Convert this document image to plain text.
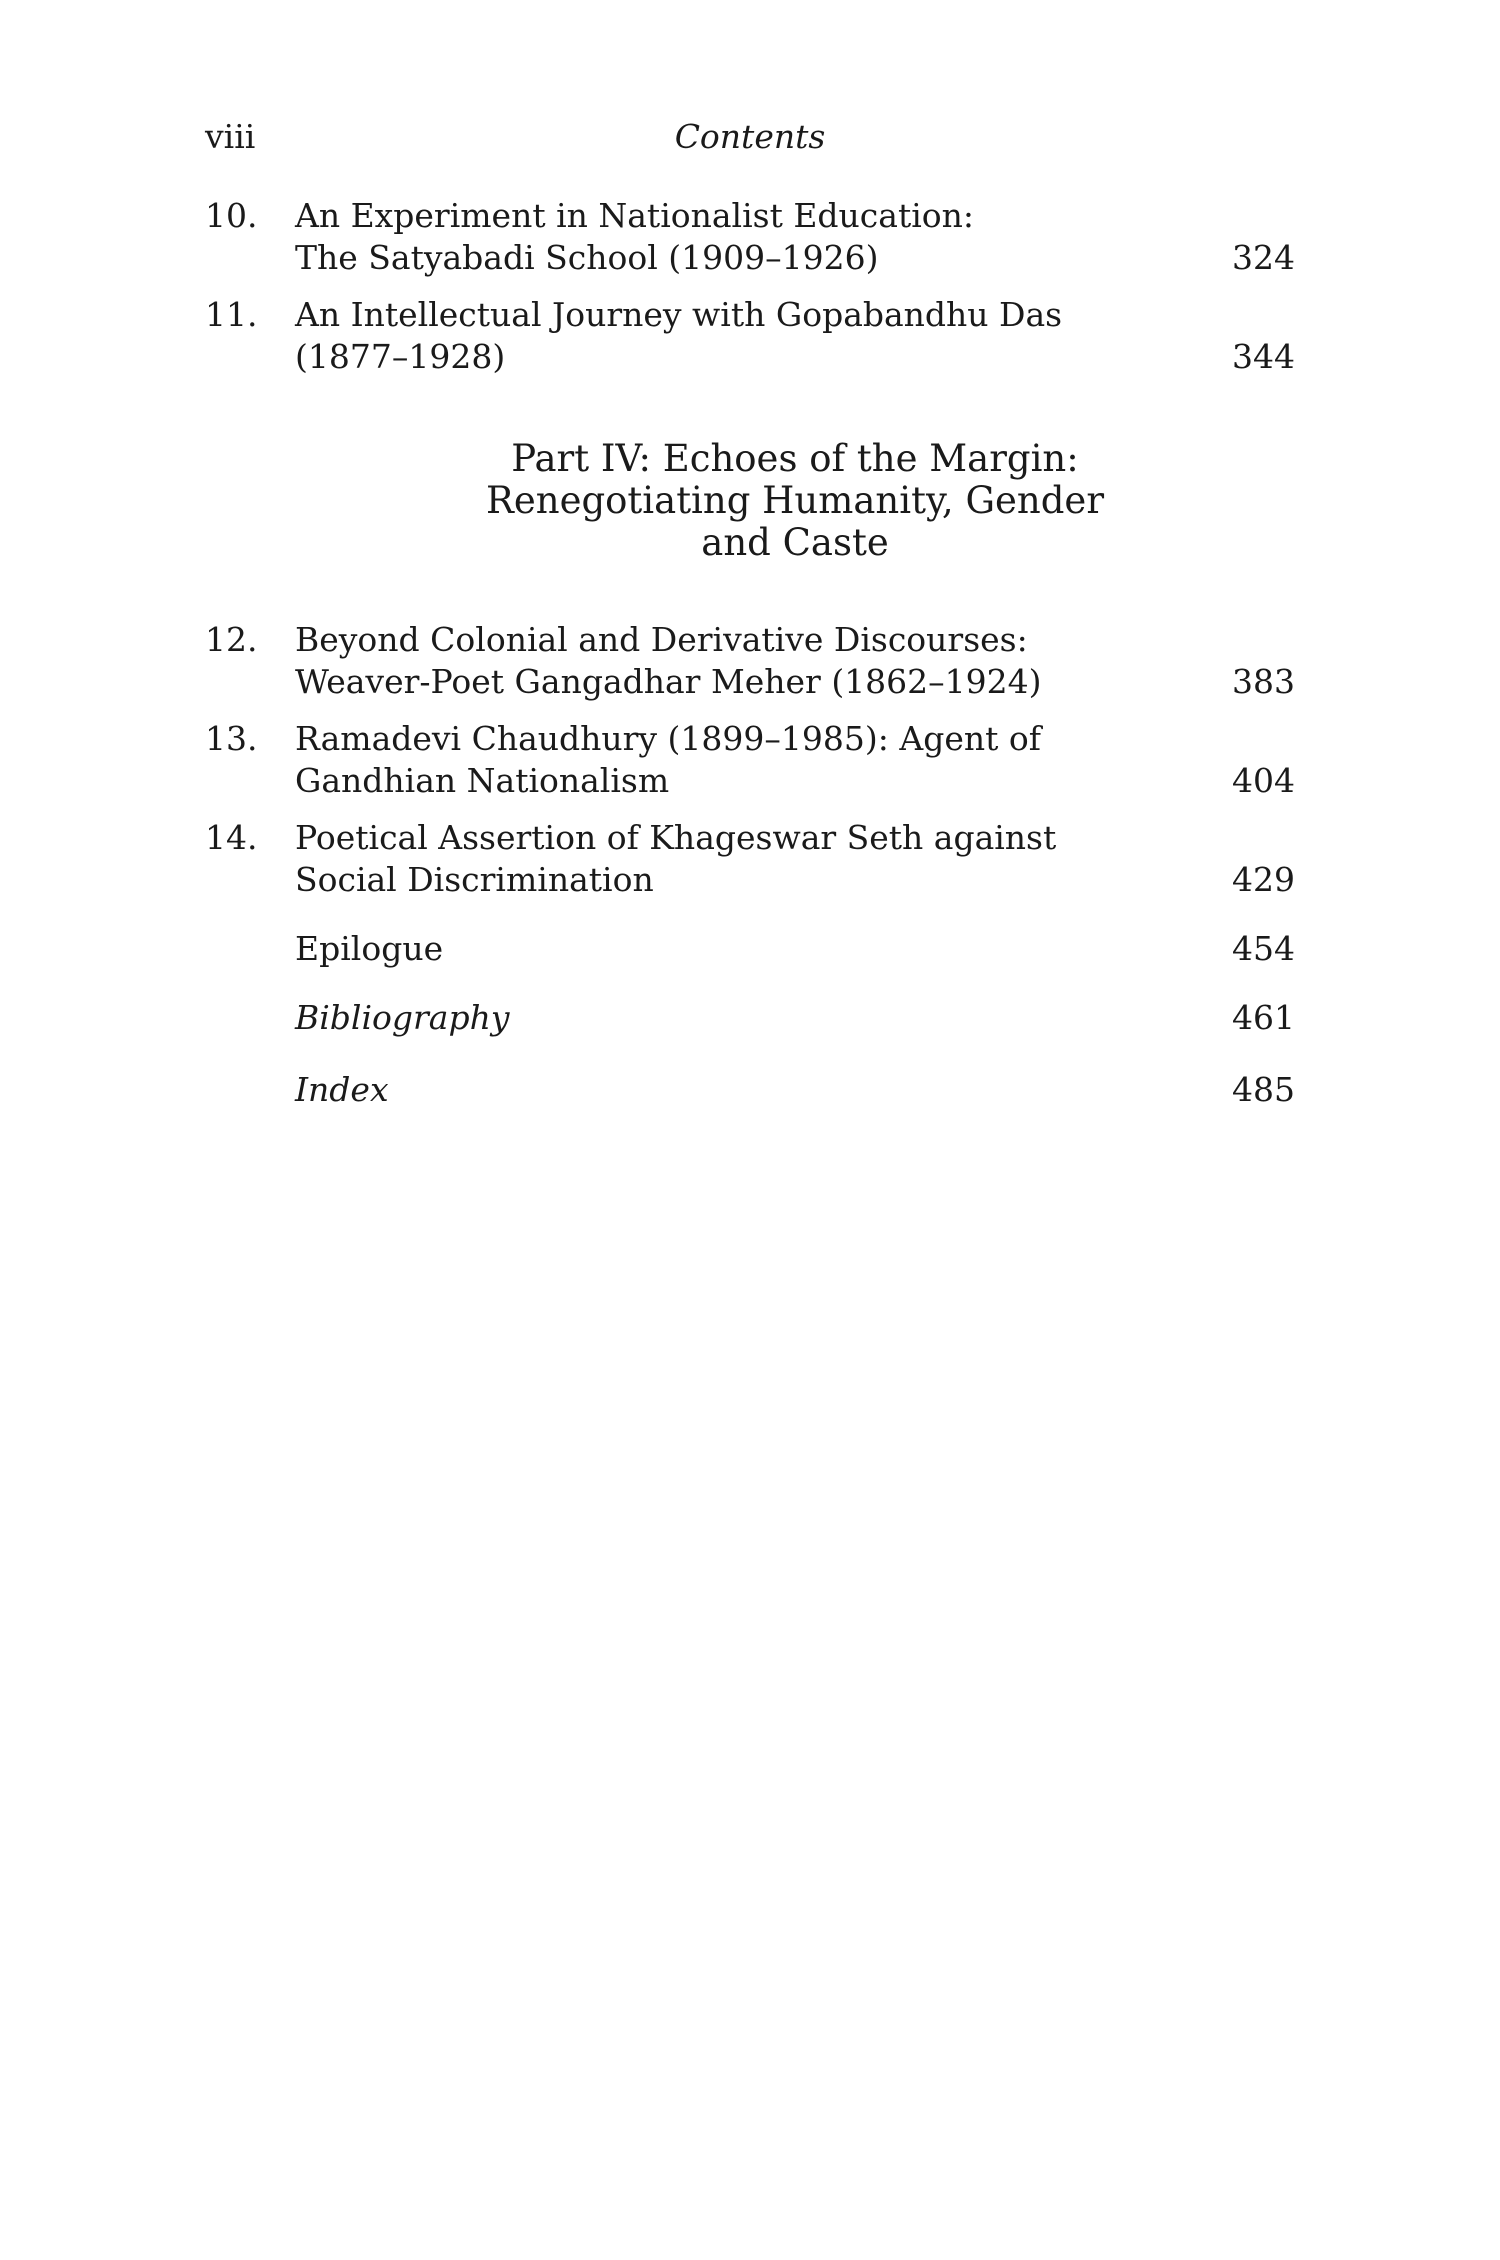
viii	Contents
10.	An Experiment in Nationalist Education:
The Satyabadi School (1909–1926)	324
11.	An Intellectual Journey with Gopabandhu Das
(1877–1928)	344
Part IV: Echoes of the Margin:
Renegotiating Humanity, Gender
and Caste
12.	Beyond Colonial and Derivative Discourses:
Weaver-Poet Gangadhar Meher (1862–1924)	383
13.	Ramadevi Chaudhury (1899–1985): Agent of
Gandhian Nationalism	404
14.	Poetical Assertion of Khageswar Seth against
Social Discrimination	429
Epilogue	454
Bibliography	461
Index	485
